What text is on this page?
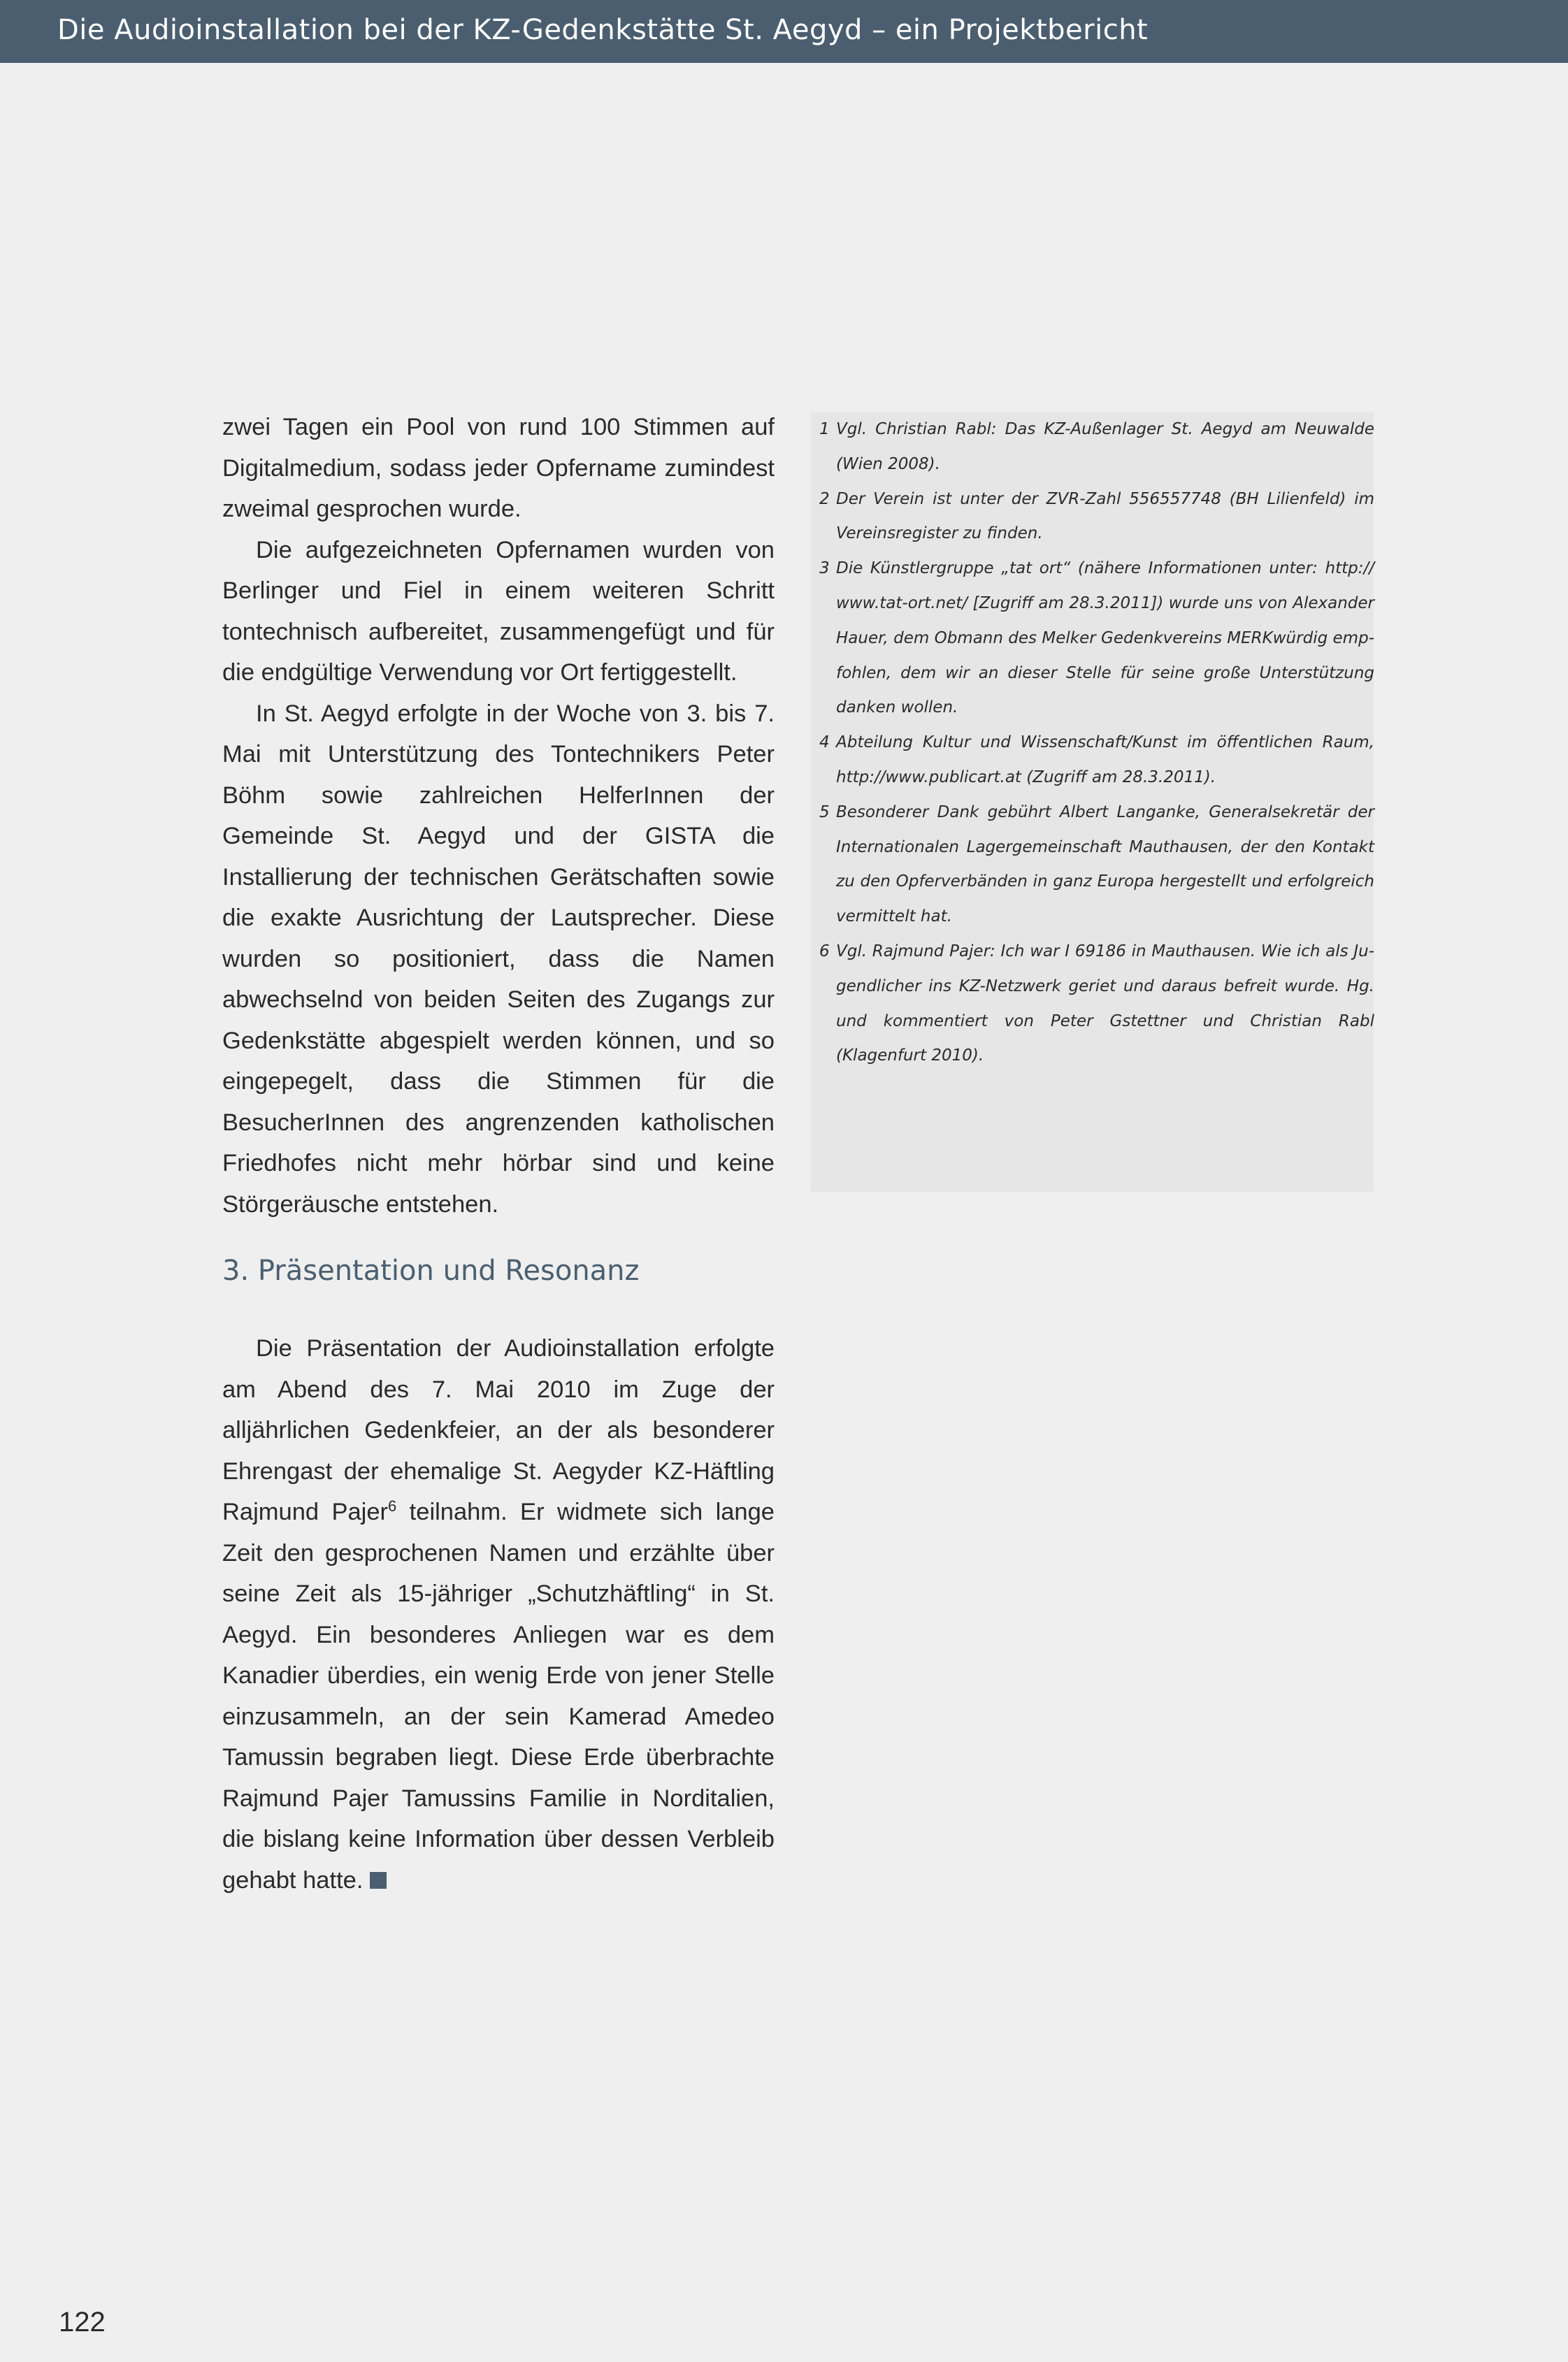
Die Audioinstallation bei der KZ-Gedenkstätte St. Aegyd – ein Projektbericht

zwei Tagen ein Pool von rund 100 Stimmen auf Digitalmedium, sodass jeder Opfername zumindest zweimal gesprochen wurde.

Die aufgezeichneten Opfernamen wurden von Berlinger und Fiel in einem weiteren Schritt tontechnisch aufbereitet, zusammengefügt und für die endgültige Verwendung vor Ort fertiggestellt.

In St. Aegyd erfolgte in der Woche von 3. bis 7. Mai mit Unterstützung des Tontechnikers Peter Böhm sowie zahlreichen HelferInnen der Gemeinde St. Aegyd und der GISTA die Installierung der technischen Gerätschaften sowie die exakte Ausrichtung der Lautsprecher. Diese wurden so positioniert, dass die Namen abwechselnd von beiden Seiten des Zugangs zur Gedenkstätte abgespielt werden können, und so eingepegelt, dass die Stimmen für die BesucherInnen des angrenzenden katholischen Friedhofes nicht mehr hörbar sind und keine Störgeräusche entstehen.

3. Präsentation und Resonanz

Die Präsentation der Audioinstallation erfolgte am Abend des 7. Mai 2010 im Zuge der alljährlichen Gedenkfeier, an der als besonderer Ehrengast der ehemalige St. Aegyder KZ-Häftling Rajmund Pajer$^6$ teilnahm. Er widmete sich lange Zeit den gesprochenen Namen und erzählte über seine Zeit als 15-jähriger „Schutzhäftling“ in St. Aegyd. Ein besonderes Anliegen war es dem Kanadier überdies, ein wenig Erde von jener Stelle einzusammeln, an der sein Kamerad Amedeo Tamussin begraben liegt. Diese Erde überbrachte Rajmund Pajer Tamussins Familie in Norditalien, die bislang keine Information über dessen Verbleib gehabt hatte.

1 Vgl. Christian Rabl: Das KZ-Außenlager St. Aegyd am Neuwalde (Wien 2008).
2 Der Verein ist unter der ZVR-Zahl 556557748 (BH Lilienfeld) im Vereinsregister zu finden.
3 Die Künstlergruppe „tat ort“ (nähere Informationen unter: http:// www.tat-ort.net/ [Zugriff am 28.3.2011]) wurde uns von Alexander Hauer, dem Obmann des Melker Gedenkvereins MERKwürdig empfohlen, dem wir an dieser Stelle für seine große Unterstützung danken wollen.
4 Abteilung Kultur und Wissenschaft/Kunst im öffentlichen Raum, http://www.publicart.at (Zugriff am 28.3.2011).
5 Besonderer Dank gebührt Albert Langanke, Generalsekretär der Internationalen Lagergemeinschaft Mauthausen, der den Kontakt zu den Opferverbänden in ganz Europa hergestellt und erfolgreich vermittelt hat.
6 Vgl. Rajmund Pajer: Ich war I 69186 in Mauthausen. Wie ich als Jugendlicher ins KZ-Netzwerk geriet und daraus befreit wurde. Hg. und kommentiert von Peter Gstettner und Christian Rabl (Klagenfurt 2010).
122
